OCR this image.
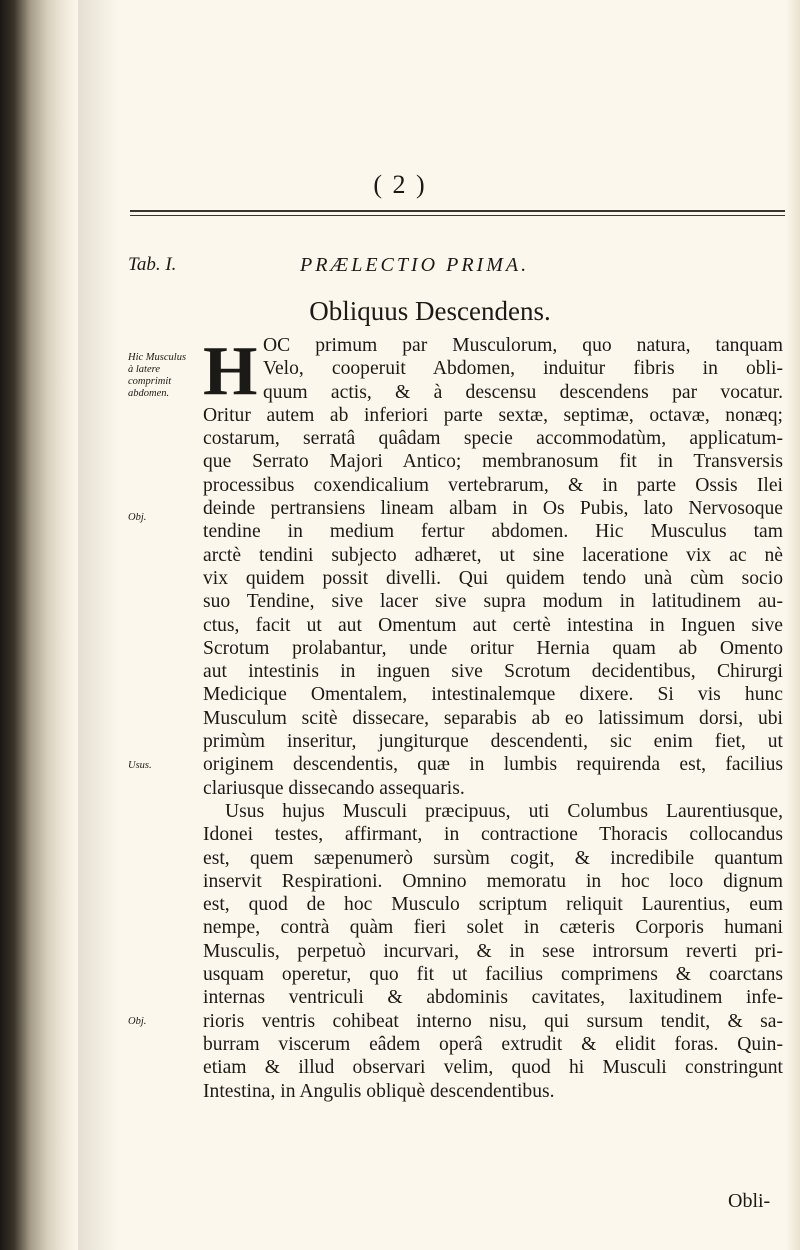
( 2 )
Tab. I.	PRÆLECTIO PRIMA.
Obliquus Descendens.
Hic Musculus à latere comprimit abdomen.
Obj.
Usus.
Obj.
H OC primum par Musculorum, quo natura, tanquam
Velo, cooperuit Abdomen, induitur fibris in obli-
quum actis, & à descensu descendens par vocatur.
Oritur autem ab inferiori parte sextæ, septimæ, octavæ, nonæq;
costarum, serratâ quâdam specie accommodatùm, applicatum-
que Serrato Majori Antico; membranosum fit in Transversis
processibus coxendicalium vertebrarum, & in parte Ossis Ilei
deinde pertransiens lineam albam in Os Pubis, lato Nervosoque
tendine in medium fertur abdomen. Hic Musculus tam
arctè tendini subjecto adhæret, ut sine laceratione vix ac nè
vix quidem possit divelli. Qui quidem tendo unà cùm socio
suo Tendine, sive lacer sive supra modum in latitudinem au-
ctus, facit ut aut Omentum aut certè intestina in Inguen sive
Scrotum prolabantur, unde oritur Hernia quam ab Omento
aut intestinis in inguen sive Scrotum decidentibus, Chirurgi
Medicique Omentalem, intestinalemque dixere. Si vis hunc
Musculum scitè dissecare, separabis ab eo latissimum dorsi, ubi
primùm inseritur, jungiturque descendenti, sic enim fiet, ut
originem descendentis, quæ in lumbis requirenda est, facilius
clariusque dissecando assequaris.
Usus hujus Musculi præcipuus, uti Columbus Laurentiusque,
Idonei testes, affirmant, in contractione Thoracis collocandus
est, quem sæpenumerò sursùm cogit, & incredibile quantum
inservit Respirationi. Omnino memoratu in hoc loco dignum
est, quod de hoc Musculo scriptum reliquit Laurentius, eum
nempe, contrà quàm fieri solet in cæteris Corporis humani
Musculis, perpetuò incurvari, & in sese introrsum reverti pri-
usquam operetur, quo fit ut facilius comprimens & coarctans
internas ventriculi & abdominis cavitates, laxitudinem infe-
rioris ventris cohibeat interno nisu, qui sursum tendit, & sa-
burram viscerum eâdem operâ extrudit & elidit foras. Quin-
etiam & illud observari velim, quod hi Musculi constringunt
Intestina, in Angulis obliquè descendentibus.
Obli-
